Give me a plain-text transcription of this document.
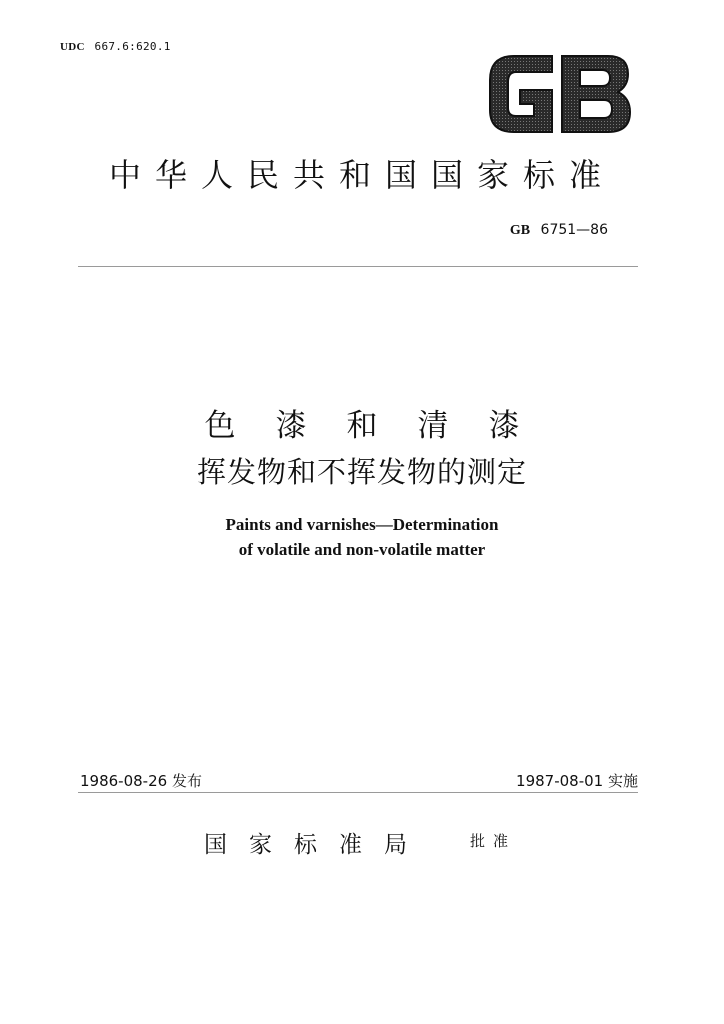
UDC 667.6:620.1
中华人民共和国国家标准
GB 6751—86
色漆和清漆
挥发物和不挥发物的测定
Paints and varnishes—Determination
of volatile and non-volatile matter
1986-08-26 发布	1987-08-01 实施
国家标准局	批准
